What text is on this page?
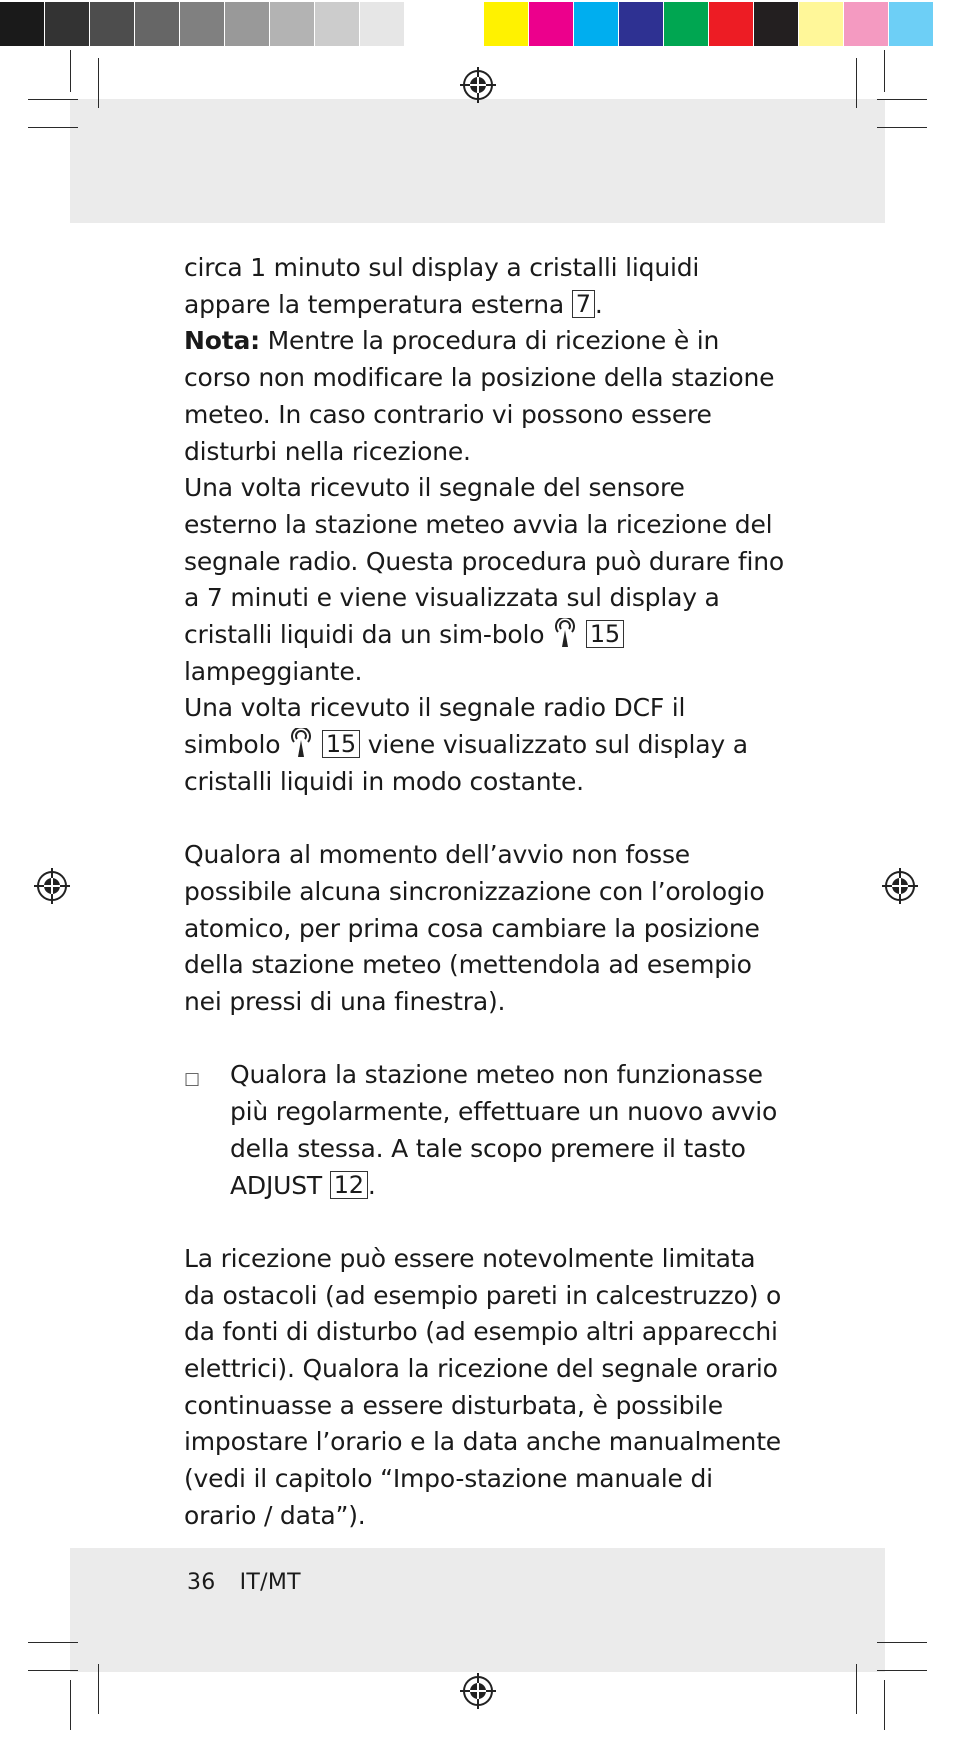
circa 1 minuto sul display a cristalli liquidi appare la temperatura esterna 7 .

Nota: Mentre la procedura di ricezione è in corso non modificare la posizione della stazione meteo. In caso contrario vi possono essere disturbi nella ricezione.

Una volta ricevuto il segnale del sensore esterno la stazione meteo avvia la ricezione del segnale radio. Questa procedura può durare fino a 7 minuti e viene visualizzata sul display a cristalli liquidi da un sim-bolo 15 lampeggiante.

Una volta ricevuto il segnale radio DCF il simbolo 15 viene visualizzato sul display a cristalli liquidi in modo costante.

Qualora al momento dell’avvio non fosse possibile alcuna sincronizzazione con l’orologio atomico, per prima cosa cambiare la posizione della stazione meteo (mettendola ad esempio nei pressi di una finestra).

□	Qualora la stazione meteo non funzionasse più regolarmente, effettuare un nuovo avvio della stessa. A tale scopo premere il tasto ADJUST 12 .

La ricezione può essere notevolmente limitata da ostacoli (ad esempio pareti in calcestruzzo) o da fonti di disturbo (ad esempio altri apparecchi elettrici). Qualora la ricezione del segnale orario continuasse a essere disturbata, è possibile impostare l’orario e la data anche manualmente (vedi il capitolo “Impo-stazione manuale di orario / data”).

36 IT/MT
